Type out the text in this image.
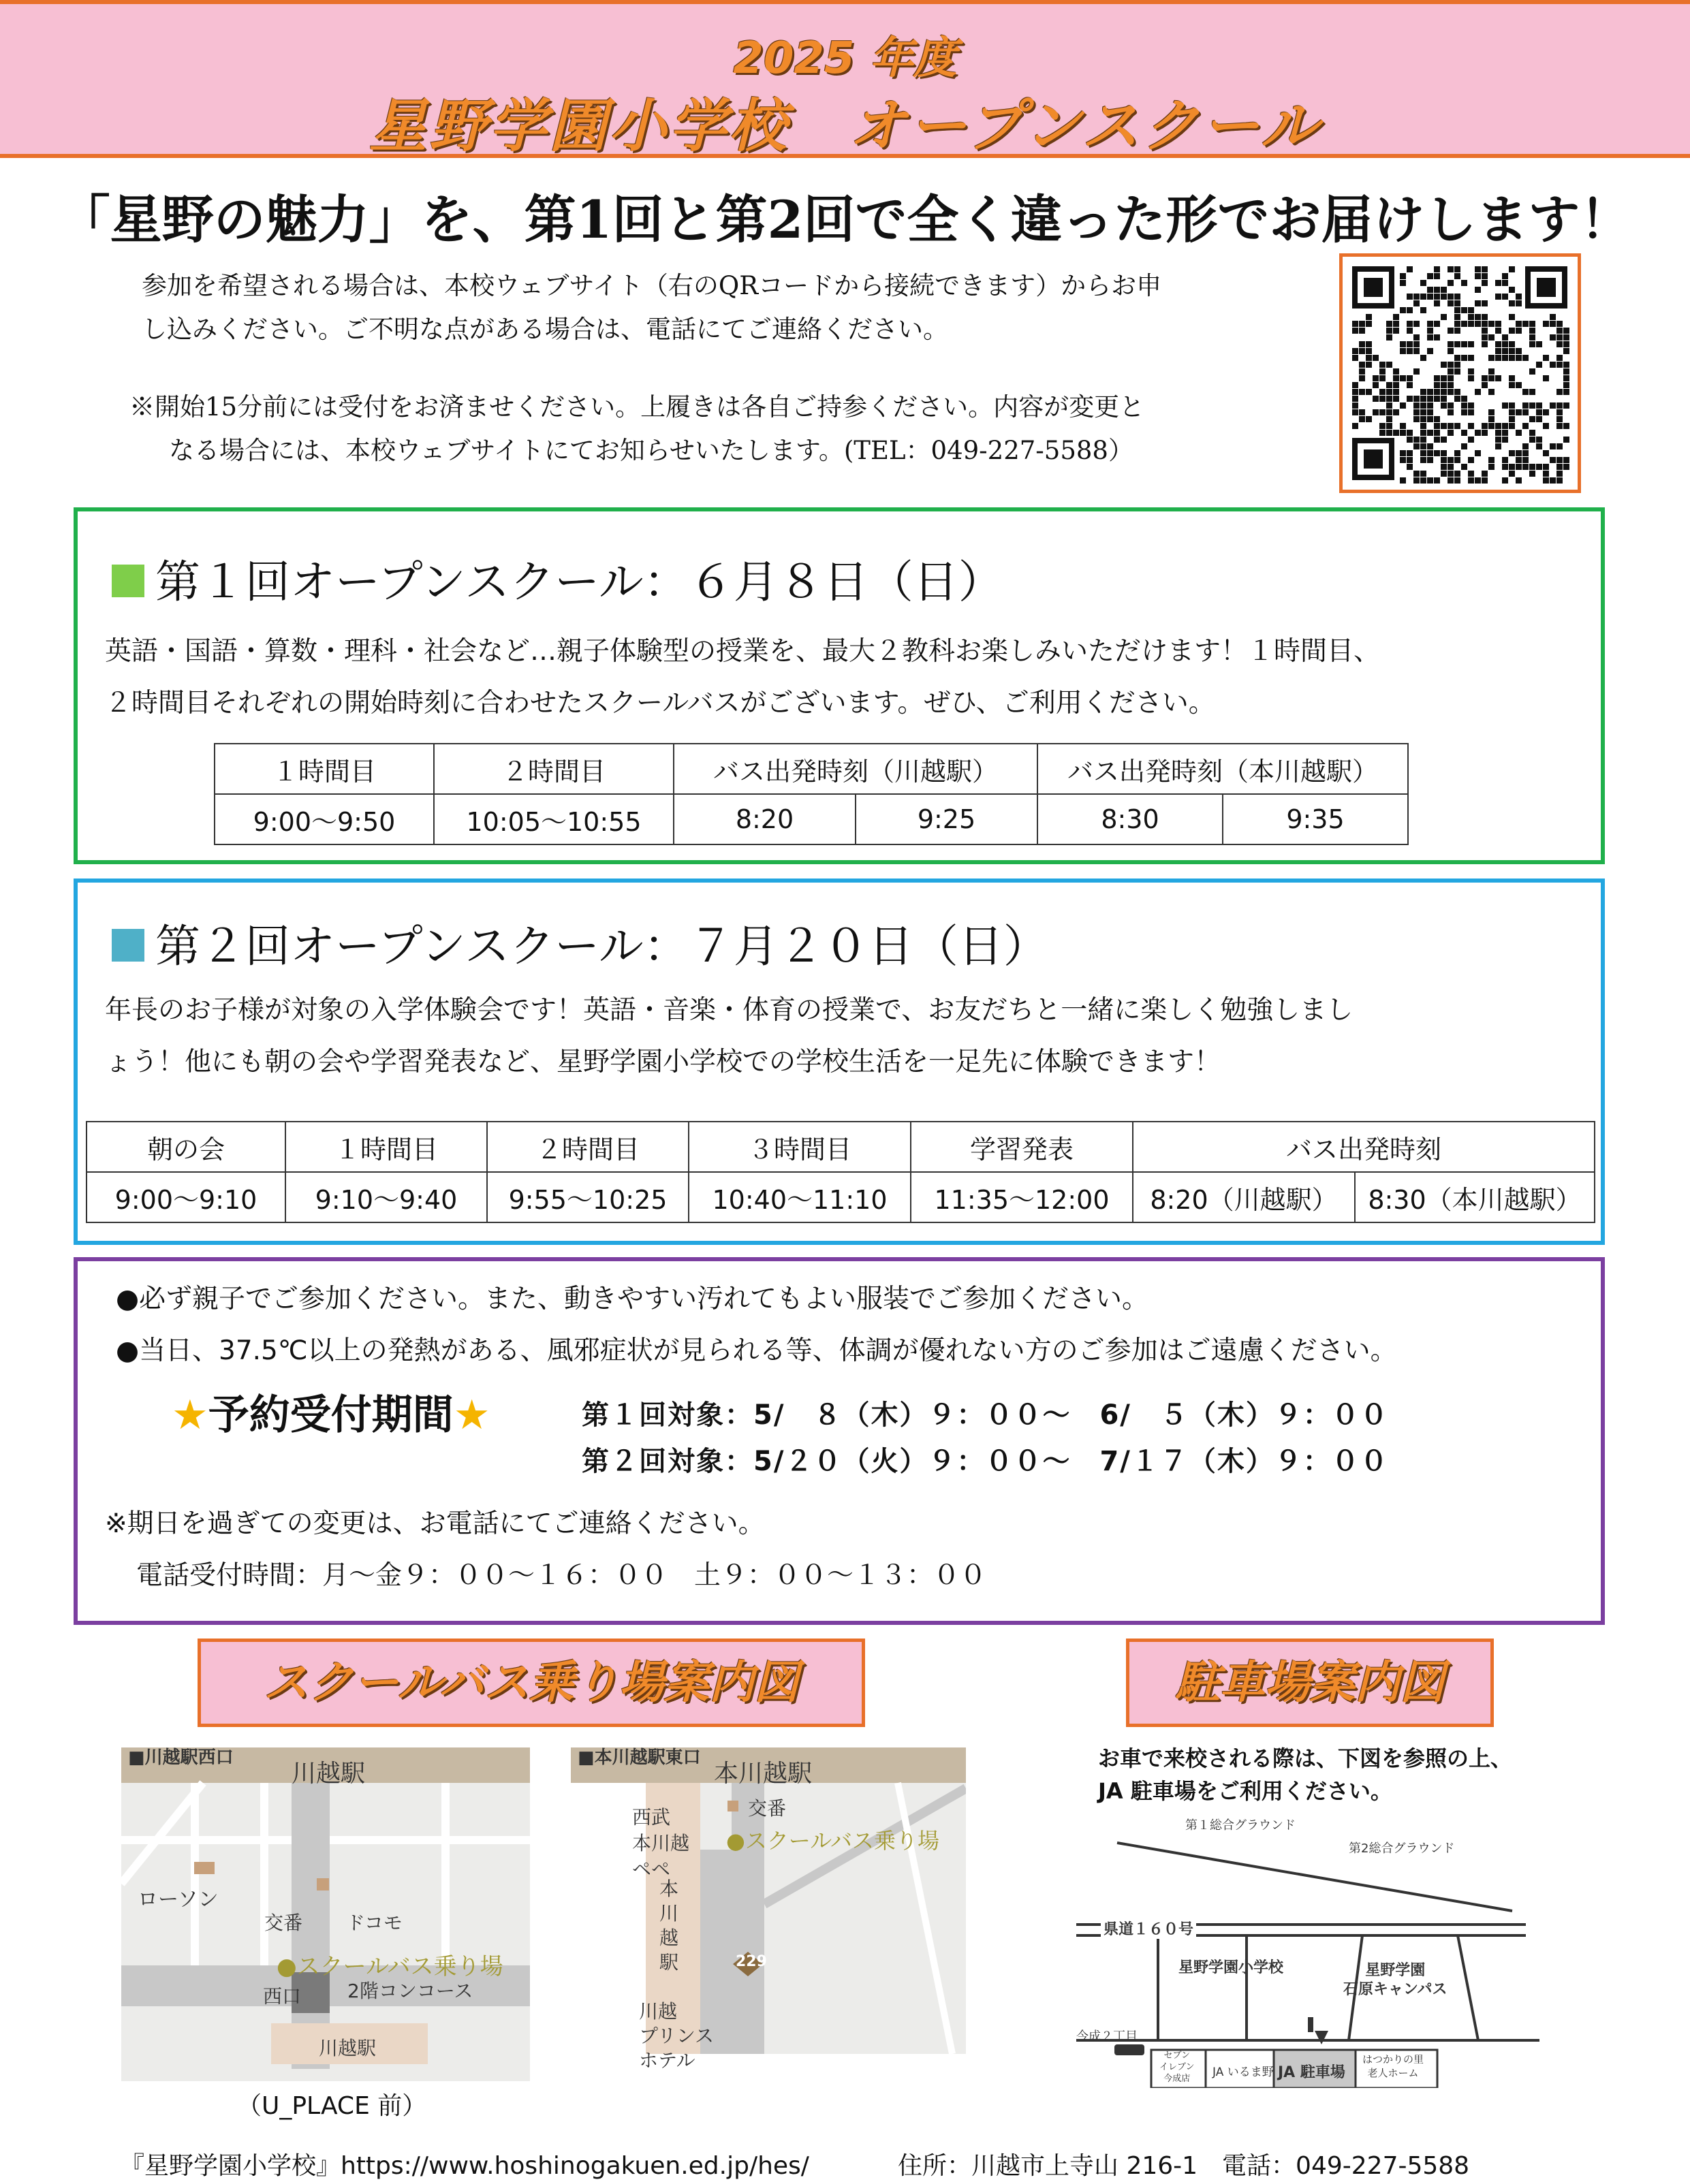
2025 年度
星野学園小学校　オープンスクール
「星野の魅力」を、第1回と第2回で全く違った形でお届けします！
参加を希望される場合は、本校ウェブサイト（右のQRコードから接続できます）からお申
し込みください。ご不明な点がある場合は、電話にてご連絡ください。
※開始15分前には受付をお済ませください。上履きは各自ご持参ください。内容が変更と
なる場合には、本校ウェブサイトにてお知らせいたします。(TEL：049-227-5588）
第１回オープンスクール：６月８日（日）
英語・国語・算数・理科・社会など…親子体験型の授業を、最大２教科お楽しみいただけます！１時間目、
２時間目それぞれの開始時刻に合わせたスクールバスがございます。ぜひ、ご利用ください。
１時間目	２時間目	バス出発時刻（川越駅）		バス出発時刻（本川越駅）	
9:00～9:50	10:05～10:55	8:20	9:25	8:30	9:35
第２回オープンスクール：７月２０日（日）
年長のお子様が対象の入学体験会です！英語・音楽・体育の授業で、お友だちと一緒に楽しく勉強しまし
ょう！他にも朝の会や学習発表など、星野学園小学校での学校生活を一足先に体験できます！
朝の会	１時間目	２時間目	３時間目	学習発表	バス出発時刻	
9:00～9:10	9:10～9:40	9:55～10:25	10:40～11:10	11:35～12:00	8:20（川越駅）	8:30（本川越駅）
●必ず親子でご参加ください。また、動きやすい汚れてもよい服装でご参加ください。
●当日、37.5℃以上の発熱がある、風邪症状が見られる等、体調が優れない方のご参加はご遠慮ください。
★予約受付期間★	第１回対象：5/　８（木）９：００～　6/　５（木）９：００
第２回対象：5/２０（火）９：００～　7/１７（木）９：００
※期日を過ぎての変更は、お電話にてご連絡ください。
電話受付時間：月～金９：００～１６：００　土９：００～１３：００
スクールバス乗り場案内図	駐車場案内図
■川越駅西口
川越駅
ローソン
交番 ドコモ
●スクールバス乗り場
西口 2階コンコース
川越駅
（U_PLACE 前）
■本川越駅東口
本川越駅
交番
●スクールバス乗り場
西武
本川越
ペペ
本
川
越
駅	229
川越
プリンス
ホテル
お車で来校される際は、下図を参照の上、
JA 駐車場をご利用ください。
第１総合グラウンド
第2総合グラウンド
県道１６０号
星野学園小学校	星野学園
石原キャンパス
今成２丁目
セブン
イレブン
今成店	JA いるま野 JA 駐車場
はつかりの里
老人ホーム
『星野学園小学校』https://www.hoshinogakuen.ed.jp/hes/	住所：川越市上寺山 216-1　電話：049-227-5588
